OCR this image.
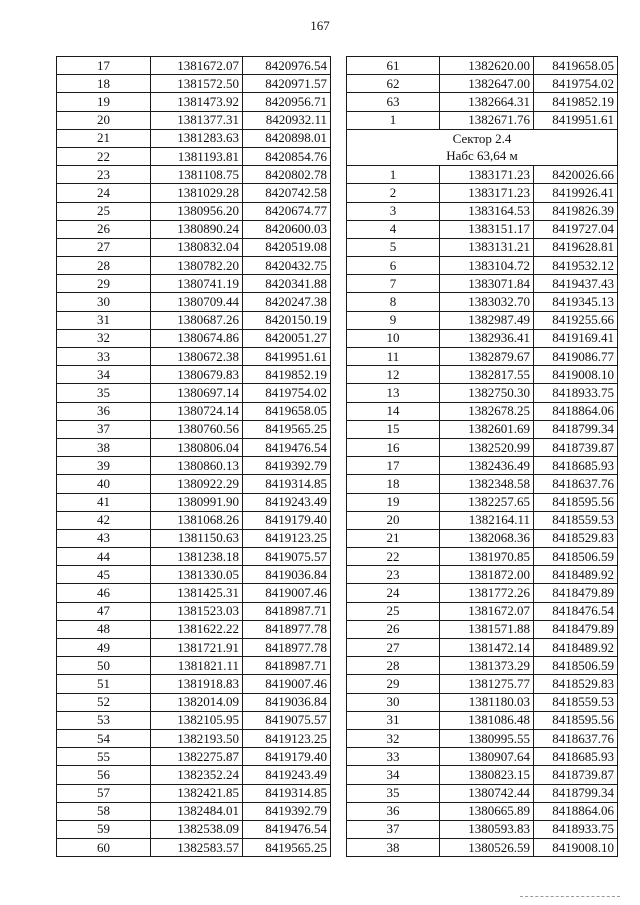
167
17	1381672.07	8420976.54
18	1381572.50	8420971.57
19	1381473.92	8420956.71
20	1381377.31	8420932.11
21	1381283.63	8420898.01
22	1381193.81	8420854.76
23	1381108.75	8420802.78
24	1381029.28	8420742.58
25	1380956.20	8420674.77
26	1380890.24	8420600.03
27	1380832.04	8420519.08
28	1380782.20	8420432.75
29	1380741.19	8420341.88
30	1380709.44	8420247.38
31	1380687.26	8420150.19
32	1380674.86	8420051.27
33	1380672.38	8419951.61
34	1380679.83	8419852.19
35	1380697.14	8419754.02
36	1380724.14	8419658.05
37	1380760.56	8419565.25
38	1380806.04	8419476.54
39	1380860.13	8419392.79
40	1380922.29	8419314.85
41	1380991.90	8419243.49
42	1381068.26	8419179.40
43	1381150.63	8419123.25
44	1381238.18	8419075.57
45	1381330.05	8419036.84
46	1381425.31	8419007.46
47	1381523.03	8418987.71
48	1381622.22	8418977.78
49	1381721.91	8418977.78
50	1381821.11	8418987.71
51	1381918.83	8419007.46
52	1382014.09	8419036.84
53	1382105.95	8419075.57
54	1382193.50	8419123.25
55	1382275.87	8419179.40
56	1382352.24	8419243.49
57	1382421.85	8419314.85
58	1382484.01	8419392.79
59	1382538.09	8419476.54
60	1382583.57	8419565.25
61	1382620.00	8419658.05
62	1382647.00	8419754.02
63	1382664.31	8419852.19
1	1382671.76	8419951.61

Сектор 2.4
Набс 63,64 м		

1	1383171.23	8420026.66
2	1383171.23	8419926.41
3	1383164.53	8419826.39
4	1383151.17	8419727.04
5	1383131.21	8419628.81
6	1383104.72	8419532.12
7	1383071.84	8419437.43
8	1383032.70	8419345.13
9	1382987.49	8419255.66
10	1382936.41	8419169.41
11	1382879.67	8419086.77
12	1382817.55	8419008.10
13	1382750.30	8418933.75
14	1382678.25	8418864.06
15	1382601.69	8418799.34
16	1382520.99	8418739.87
17	1382436.49	8418685.93
18	1382348.58	8418637.76
19	1382257.65	8418595.56
20	1382164.11	8418559.53
21	1382068.36	8418529.83
22	1381970.85	8418506.59
23	1381872.00	8418489.92
24	1381772.26	8418479.89
25	1381672.07	8418476.54
26	1381571.88	8418479.89
27	1381472.14	8418489.92
28	1381373.29	8418506.59
29	1381275.77	8418529.83
30	1381180.03	8418559.53
31	1381086.48	8418595.56
32	1380995.55	8418637.76
33	1380907.64	8418685.93
34	1380823.15	8418739.87
35	1380742.44	8418799.34
36	1380665.89	8418864.06
37	1380593.83	8418933.75
38	1380526.59	8419008.10
